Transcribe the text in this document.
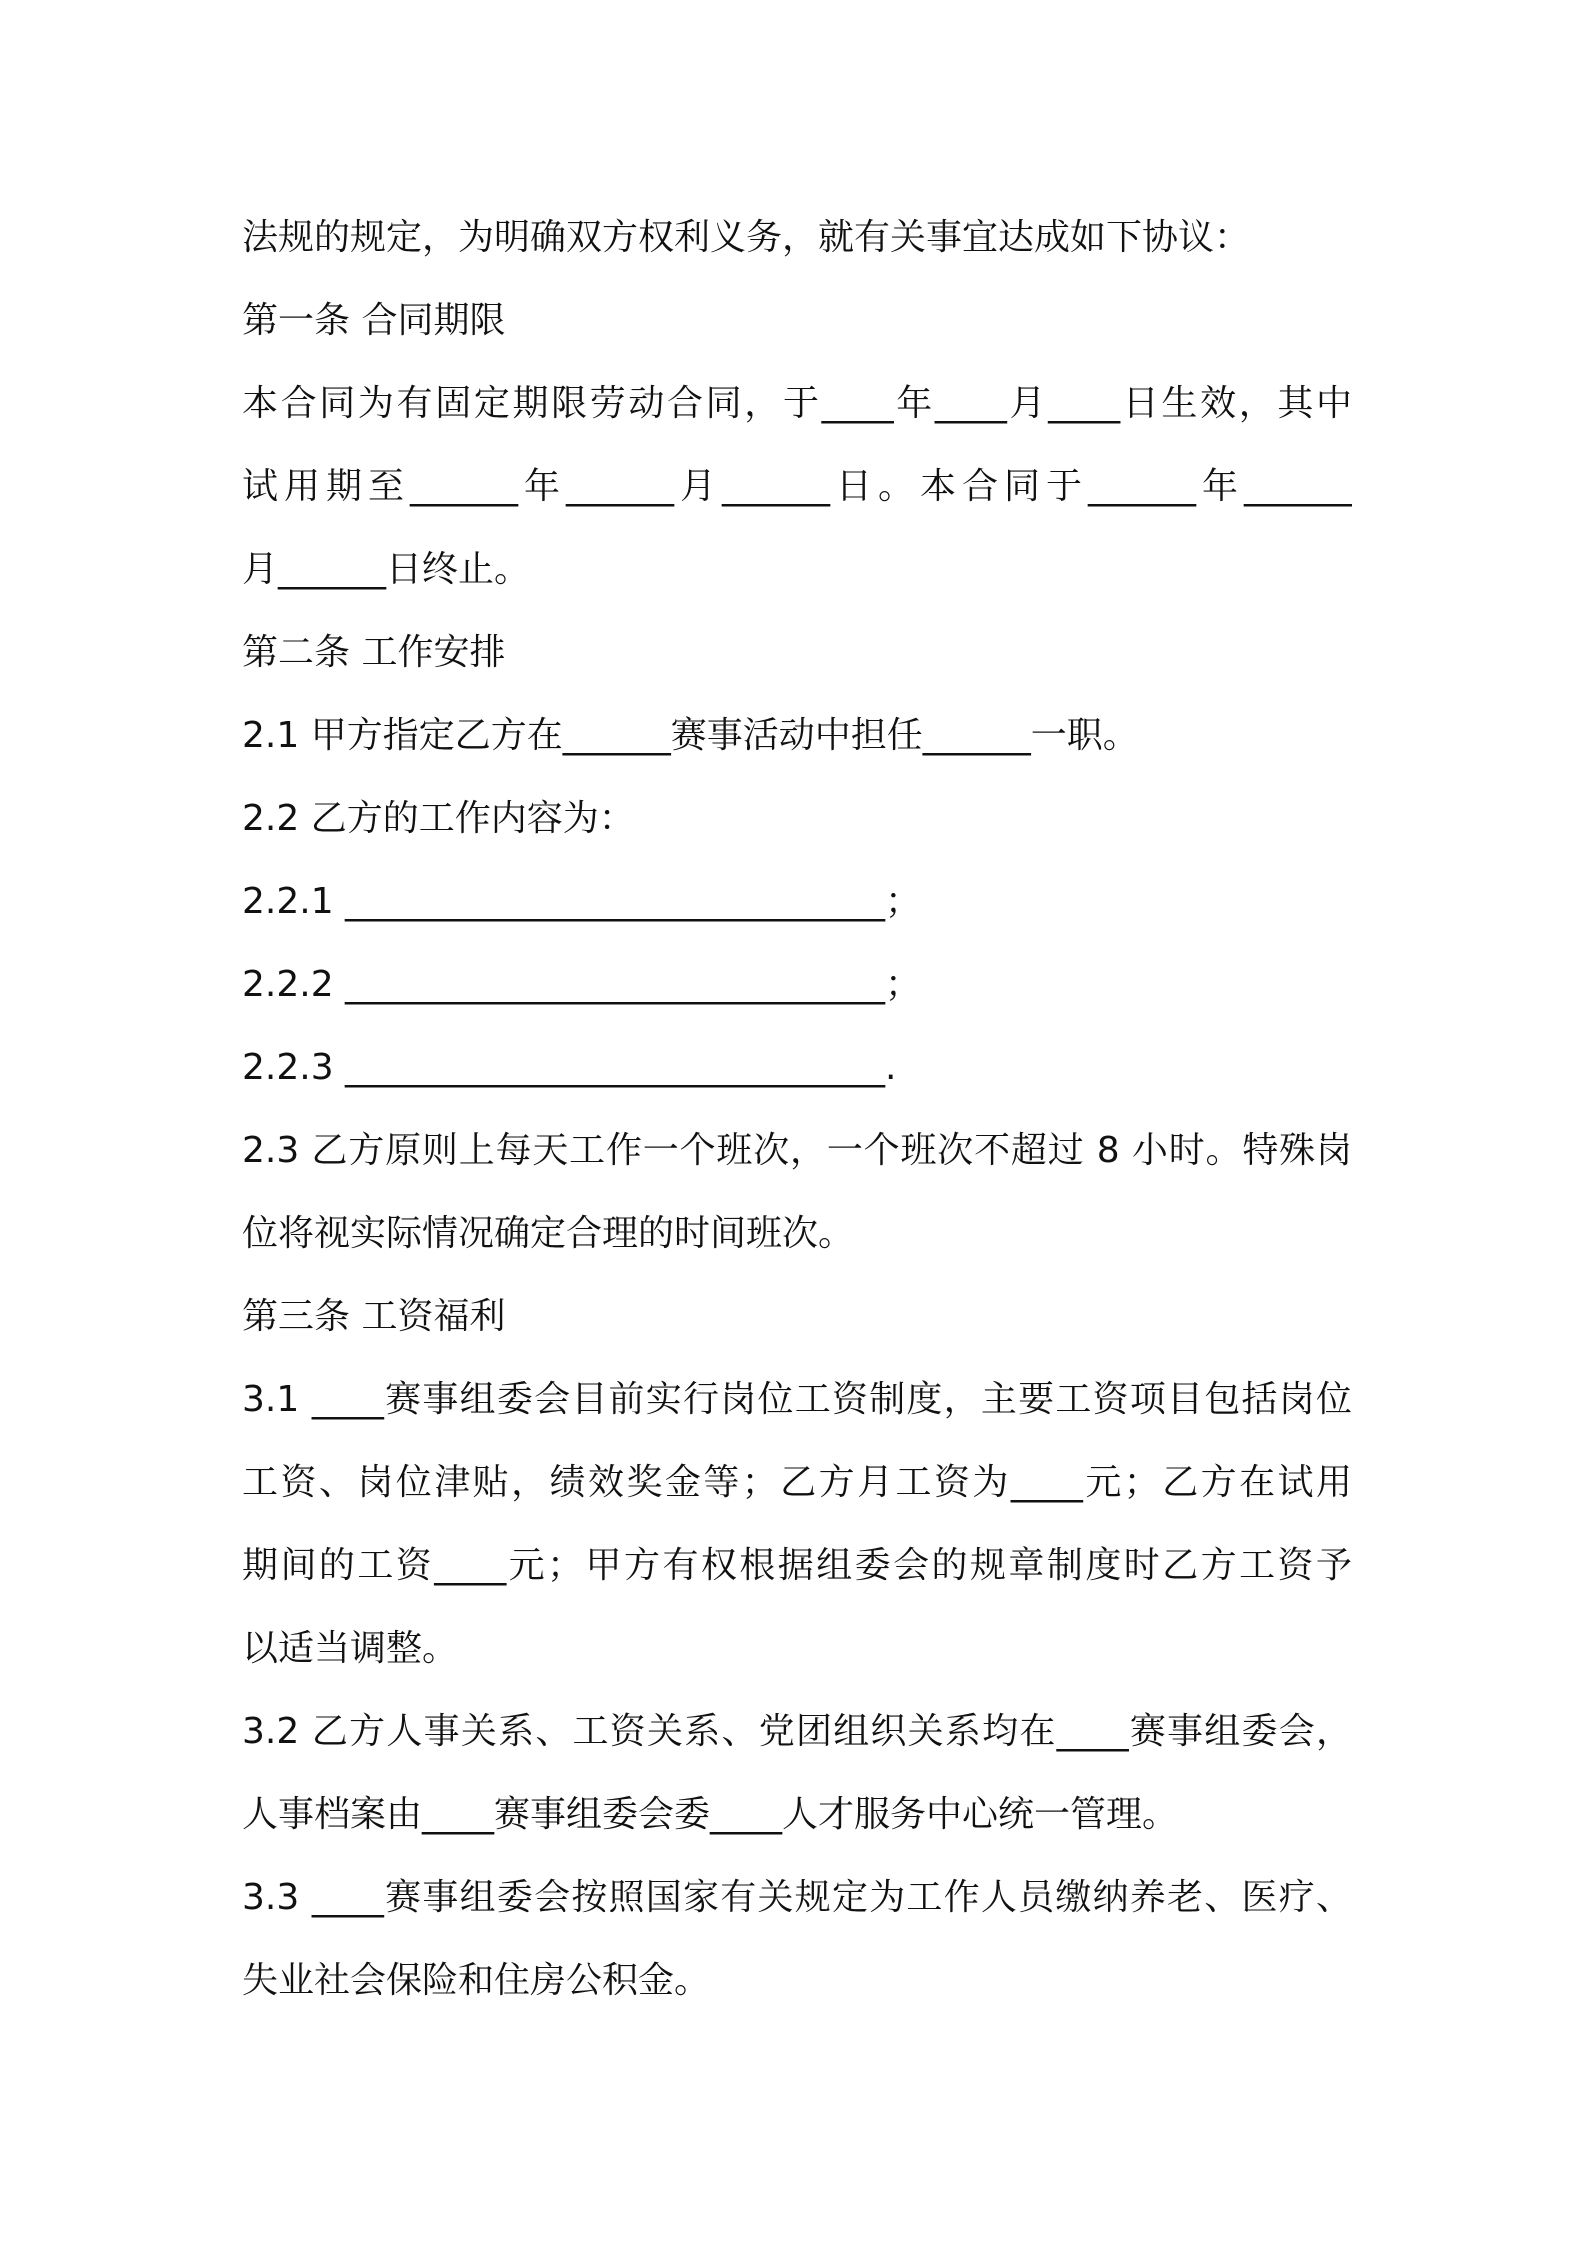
法规的规定，为明确双方权利义务，就有关事宜达成如下协议：
第一条 合同期限
本合同为有固定期限劳动合同，于____年____月____日生效，其中
试用期至______年______月______日。本合同于______年______
月______日终止。
第二条 工作安排
2.1 甲方指定乙方在______赛事活动中担任______一职。
2.2 乙方的工作内容为：
2.2.1 ______________________________；
2.2.2 ______________________________；
2.2.3 ______________________________.
2.3 乙方原则上每天工作一个班次，一个班次不超过 8 小时。特殊岗
位将视实际情况确定合理的时间班次。
第三条 工资福利
3.1 ____赛事组委会目前实行岗位工资制度，主要工资项目包括岗位
工资、岗位津贴，绩效奖金等；乙方月工资为____元；乙方在试用
期间的工资____元；甲方有权根据组委会的规章制度时乙方工资予
以适当调整。
3.2 乙方人事关系、工资关系、党团组织关系均在____赛事组委会，
人事档案由____赛事组委会委____人才服务中心统一管理。
3.3 ____赛事组委会按照国家有关规定为工作人员缴纳养老、医疗、
失业社会保险和住房公积金。
